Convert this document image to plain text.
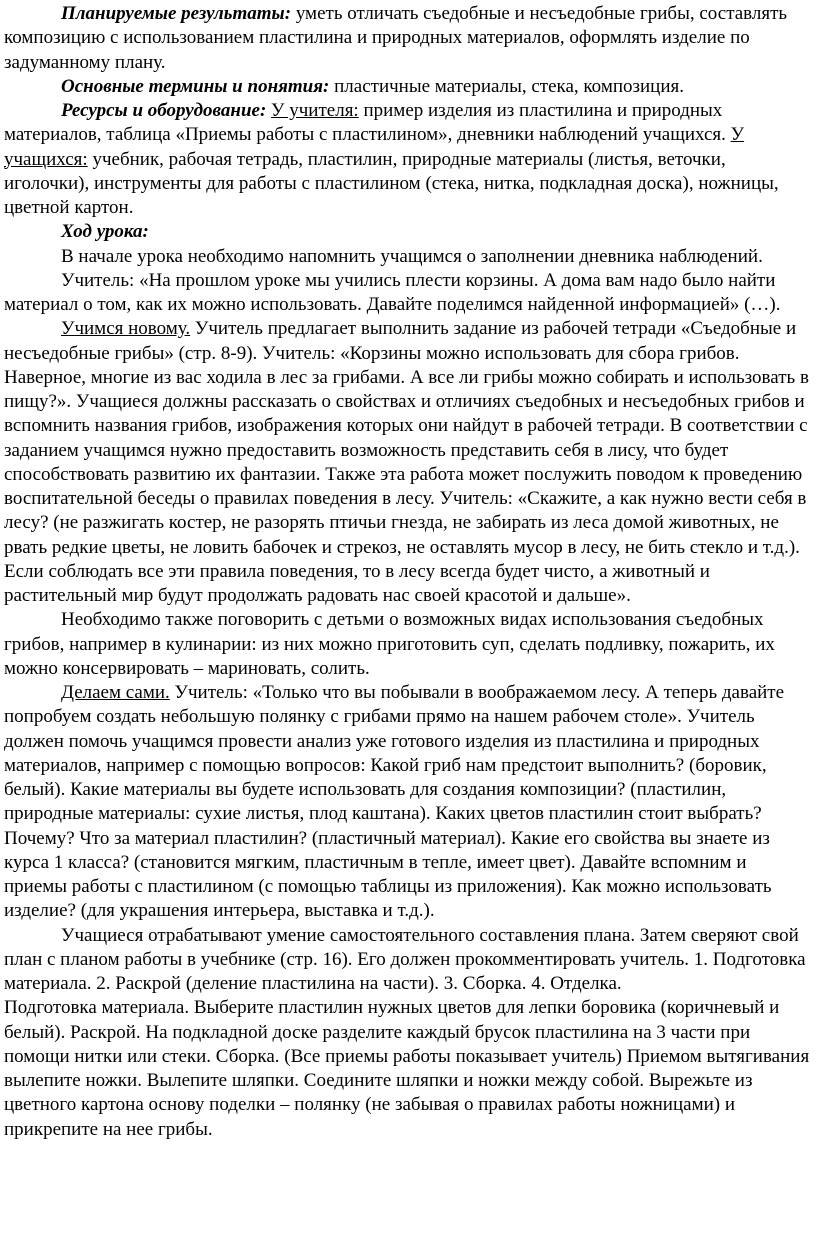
Планируемые результаты: уметь отличать съедобные и несъедобные грибы, составлять композицию с использованием пластилина и природных материалов, оформлять изделие по задуманному плану.

Основные термины и понятия: пластичные материалы, стека, композиция.

Ресурсы и оборудование: У учителя: пример изделия из пластилина и природных материалов, таблица «Приемы работы с пластилином», дневники наблюдений учащихся. У учащихся: учебник, рабочая тетрадь, пластилин, природные материалы (листья, веточки, иголочки), инструменты для работы с пластилином (стека, нитка, подкладная доска), ножницы, цветной картон.

Ход урока:

В начале урока необходимо напомнить учащимся о заполнении дневника наблюдений.

Учитель: «На прошлом уроке мы учились плести корзины. А дома вам надо было найти материал о том, как их можно использовать. Давайте поделимся найденной информацией» (…).

Учимся новому. Учитель предлагает выполнить задание из рабочей тетради «Съедобные и несъедобные грибы» (стр. 8-9). Учитель: «Корзины можно использовать для сбора грибов. Наверное, многие из вас ходила в лес за грибами. А все ли грибы можно собирать и использовать в пищу?». Учащиеся должны рассказать о свойствах и отличиях съедобных и несъедобных грибов и вспомнить названия грибов, изображения которых они найдут в рабочей тетради. В соответствии с заданием учащимся нужно предоставить возможность представить себя в лису, что будет способствовать развитию их фантазии. Также эта работа может послужить поводом к проведению воспитательной беседы о правилах поведения в лесу. Учитель: «Скажите, а как нужно вести себя в лесу? (не разжигать костер, не разорять птичьи гнезда, не забирать из леса домой животных, не рвать редкие цветы, не ловить бабочек и стрекоз, не оставлять мусор в лесу, не бить стекло и т.д.). Если соблюдать все эти правила поведения, то в лесу всегда будет чисто, а животный и растительный мир будут продолжать радовать нас своей красотой и дальше».

Необходимо также поговорить с детьми о возможных видах использования съедобных грибов, например в кулинарии: из них можно приготовить суп, сделать подливку, пожарить, их можно консервировать – мариновать, солить.

Делаем сами. Учитель: «Только что вы побывали в воображаемом лесу. А теперь давайте попробуем создать небольшую полянку с грибами прямо на нашем рабочем столе». Учитель должен помочь учащимся провести анализ уже готового изделия из пластилина и природных материалов, например с помощью вопросов: Какой гриб нам предстоит выполнить? (боровик, белый). Какие материалы вы будете использовать для создания композиции? (пластилин, природные материалы: сухие листья, плод каштана). Каких цветов пластилин стоит выбрать? Почему? Что за материал пластилин? (пластичный материал). Какие его свойства вы знаете из курса 1 класса? (становится мягким, пластичным в тепле, имеет цвет). Давайте вспомним и приемы работы с пластилином (с помощью таблицы из приложения). Как можно использовать изделие? (для украшения интерьера, выставка и т.д.).

Учащиеся отрабатывают умение самостоятельного составления плана. Затем сверяют свой план с планом работы в учебнике (стр. 16). Его должен прокомментировать учитель. 1. Подготовка материала. 2. Раскрой (деление пластилина на части). 3. Сборка. 4. Отделка.

Подготовка материала. Выберите пластилин нужных цветов для лепки боровика (коричневый и белый). Раскрой. На подкладной доске разделите каждый брусок пластилина на 3 части при помощи нитки или стеки. Сборка. (Все приемы работы показывает учитель) Приемом вытягивания вылепите ножки. Вылепите шляпки. Соедините шляпки и ножки между собой. Вырежьте из цветного картона основу поделки – полянку (не забывая о правилах работы ножницами) и прикрепите на нее грибы.
